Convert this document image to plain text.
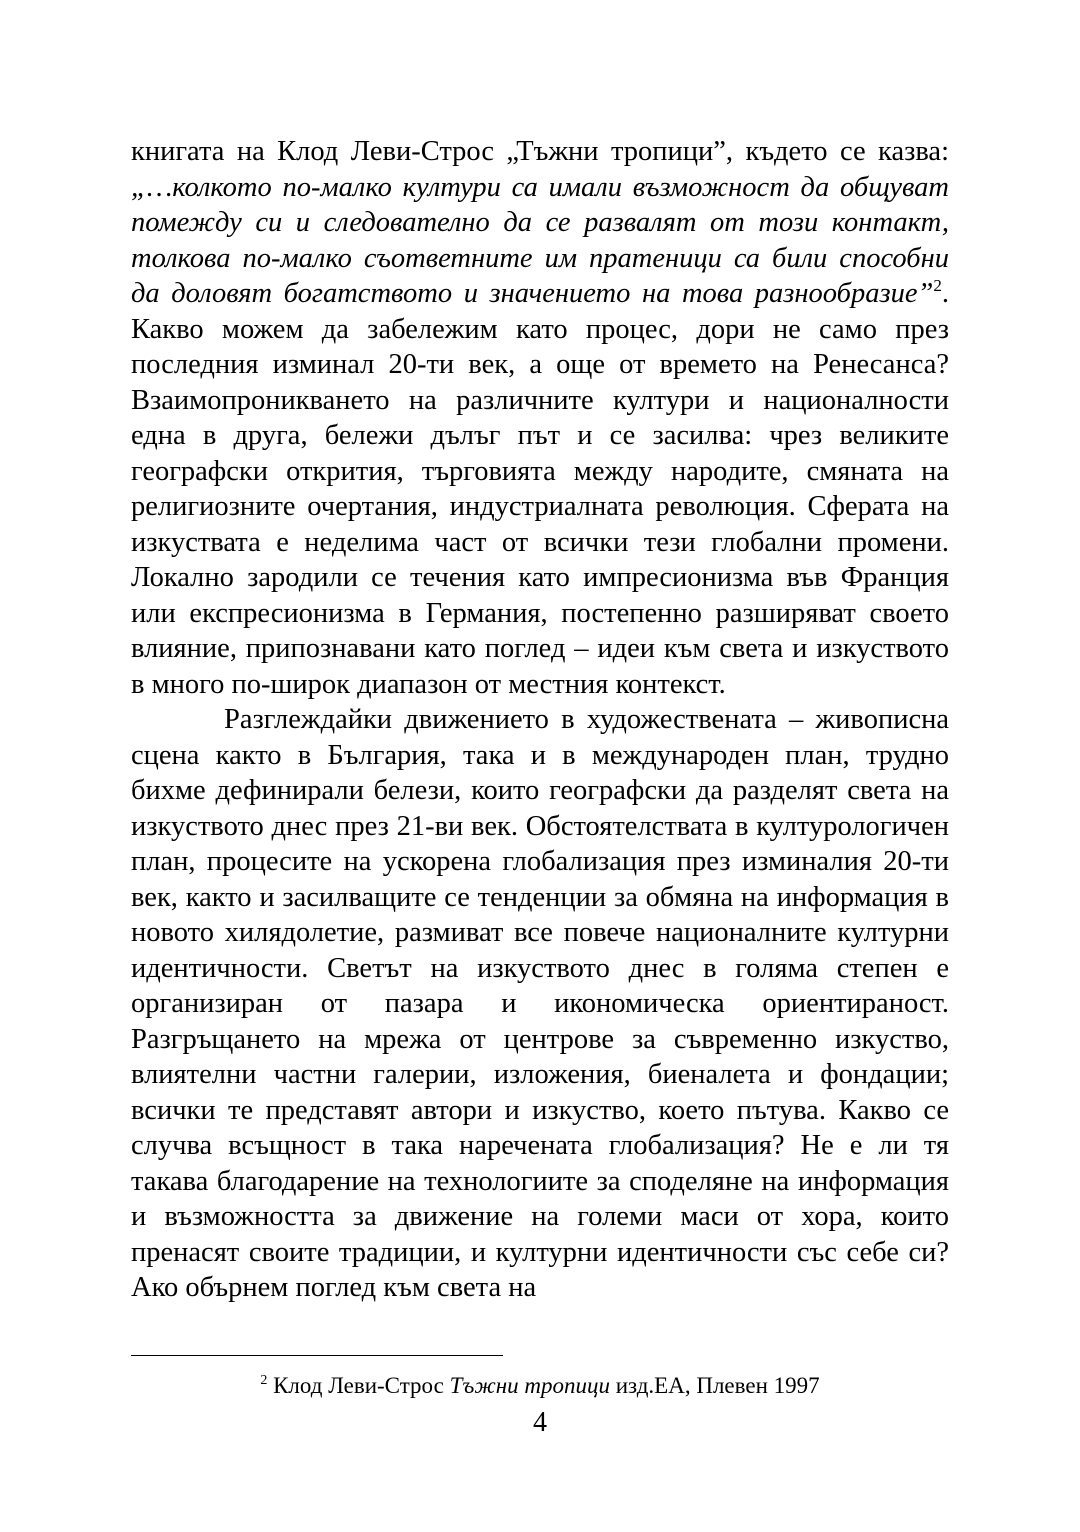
книгата на Клод Леви-Строс „Тъжни тропици”, където се казва: „…колкото по-малко култури са имали възможност да общуват помежду си и следователно да се развалят от този контакт, толкова по-малко съответните им пратеници са били способни да доловят богатството и значението на това разнообразие”$^2$. Какво можем да забележим като процес, дори не само през последния изминал 20-ти век, а още от времето на Ренесанса? Взаимопроникването на различните култури и националности една в друга, бележи дълъг път и се засилва: чрез великите географски открития, търговията между народите, смяната на религиозните очертания, индустриалната революция. Сферата на изкуствата е неделима част от всички тези глобални промени. Локално зародили се течения като импресионизма във Франция или експресионизма в Германия, постепенно разширяват своето влияние, припознавани като поглед – идеи към света и изкуството в много по-широк диапазон от местния контекст.

Разглеждайки движението в художествената – живописна сцена както в България, така и в международен план, трудно бихме дефинирали белези, които географски да разделят света на изкуството днес през 21-ви век. Обстоятелствата в културологичен план, процесите на ускорена глобализация през изминалия 20-ти век, както и засилващите се тенденции за обмяна на информация в новото хилядолетие, размиват все повече националните културни идентичности. Светът на изкуството днес в голяма степен е организиран от пазара и икономическа ориентираност. Разгръщането на мрежа от центрове за съвременно изкуство, влиятелни частни галерии, изложения, биеналета и фондации; всички те представят автори и изкуство, което пътува. Какво се случва всъщност в така наречената глобализация? Не е ли тя такава благодарение на технологиите за споделяне на информация и възможността за движение на големи маси от хора, които пренасят своите традиции, и културни идентичности със себе си? Ако обърнем поглед към света на

$^2$ Клод Леви-Строс Тъжни тропици изд.ЕА, Плевен 1997
4
